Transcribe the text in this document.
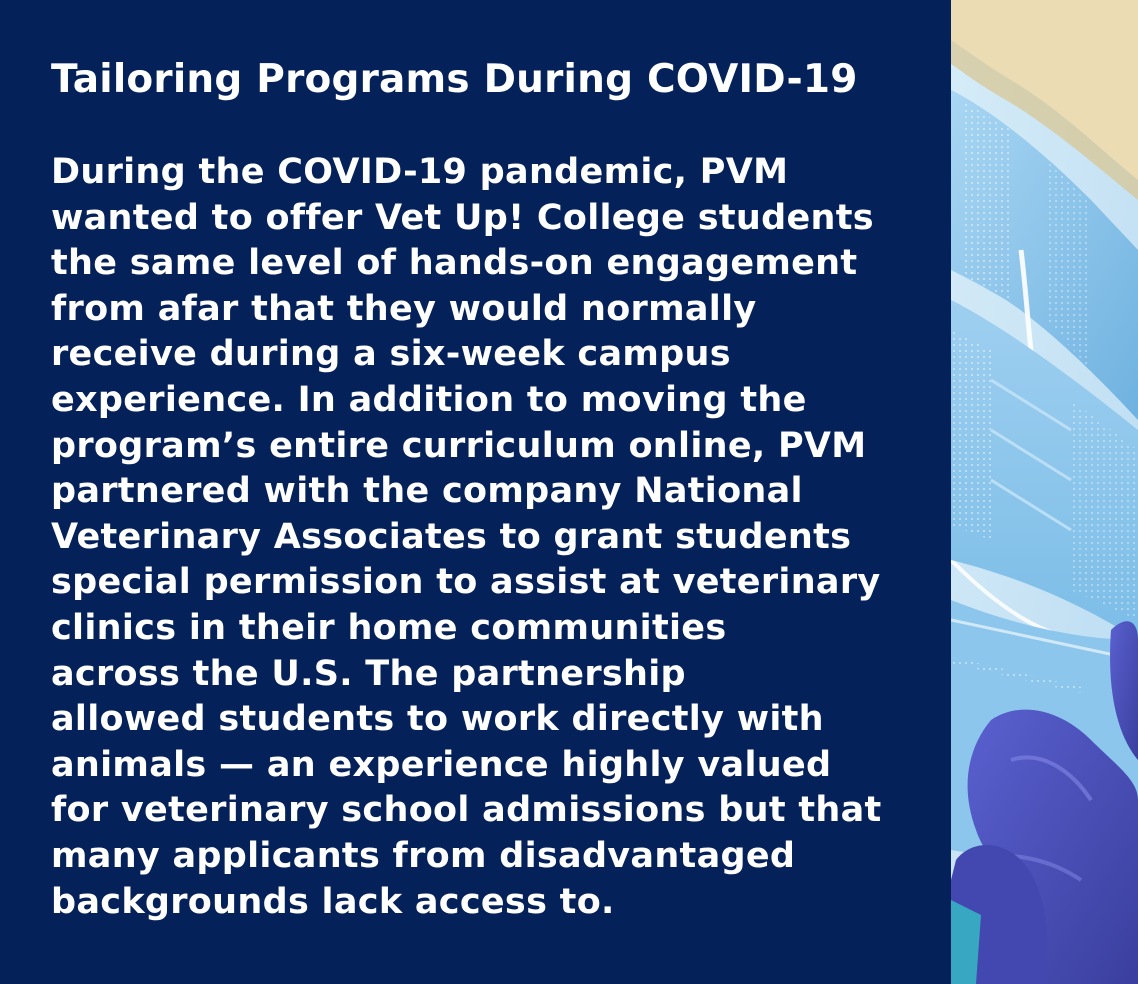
Tailoring Programs During COVID-19

During the COVID-19 pandemic, PVM
wanted to offer Vet Up! College students
the same level of hands-on engagement
from afar that they would normally
receive during a six-week campus
experience. In addition to moving the
program’s entire curriculum online, PVM
partnered with the company National
Veterinary Associates to grant students
special permission to assist at veterinary
clinics in their home communities
across the U.S. The partnership
allowed students to work directly with
animals — an experience highly valued
for veterinary school admissions but that
many applicants from disadvantaged
backgrounds lack access to.
